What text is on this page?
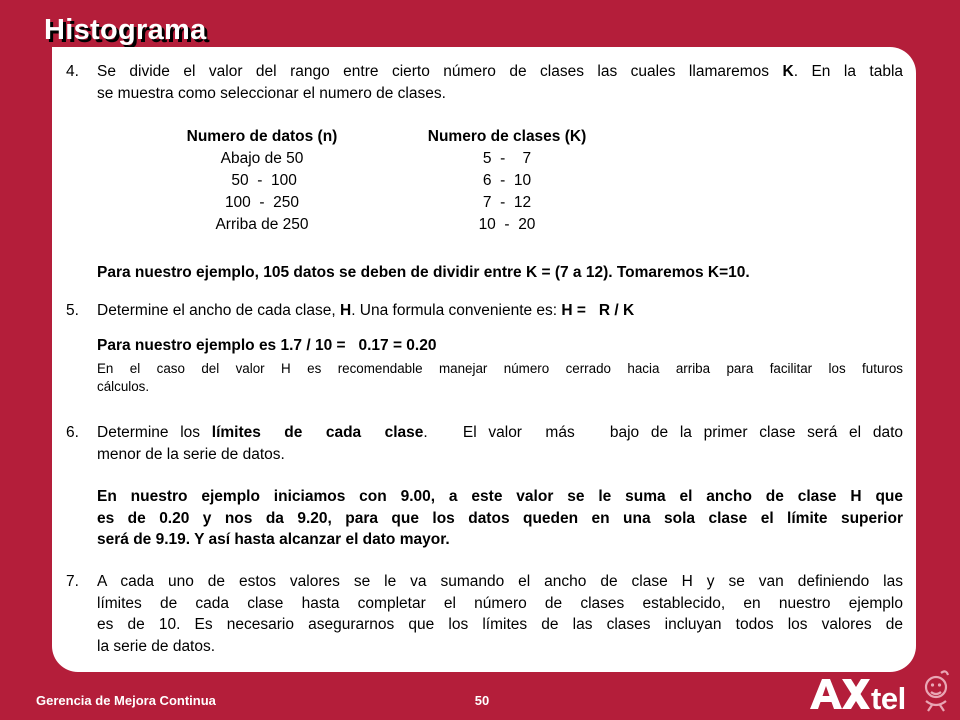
Histograma
4. Se divide el valor del rango entre cierto número de clases las cuales llamaremos K. En la tabla
se muestra como seleccionar el numero de clases.
Numero de datos (n)	Numero de clases (K)
Abajo de 50	5  -    7
50  -  100	6  -  10
100  -  250	7  -  12
Arriba de 250	10  -  20
Para nuestro ejemplo, 105 datos se deben de dividir entre K = (7 a 12). Tomaremos K=10.
5. Determine el ancho de cada clase, H. Una formula conveniente es: H =   R / K
Para nuestro ejemplo es 1.7 / 10 =   0.17 = 0.20
En el caso del valor H es recomendable manejar número cerrado hacia arriba para facilitar los futuros
cálculos.
6. Determine los límites  de  cada  clase.   El valor  más   bajo de la primer clase será el dato
menor de la serie de datos.
En nuestro ejemplo iniciamos con 9.00, a este valor se le suma el ancho de clase H que
es de 0.20 y nos da 9.20, para que los datos queden en una sola clase el límite superior
será de 9.19. Y así hasta alcanzar el dato mayor.
7. A cada uno de estos valores se le va sumando el ancho de clase H y se van definiendo las
límites de cada clase hasta completar el número de clases establecido, en nuestro ejemplo
es de 10. Es necesario asegurarnos que los límites de las clases incluyan todos los valores de
la serie de datos.

Gerencia de Mejora Continua	50	tel
